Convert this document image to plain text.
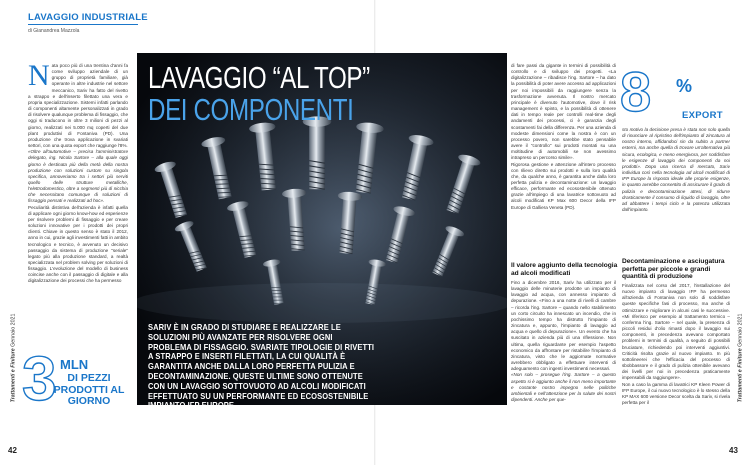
LAVAGGIO INDUSTRIALE
di Gianandrea Mazzola
N ata poco più di una trentina d'anni fa come sviluppo aziendale di un gruppo di proprietà familiare, già operante in altre industrie nel settore meccanico, Sariv ha fatto del rivetto a strappo e dell'inserto filettato una vera e propria specializzazione. Sistemi infatti parlando di componenti altamente personalizzati in grado di risolvere qualunque problema di fissaggio, che oggi si traducono in oltre 3 milioni di pezzi al giorno, realizzati nei 5.000 mq coperti del due plant produttivi di Fontaniva (PD). Una produzione che trova applicazione in svariati settori, con una quota export che raggiunge l'8%.

«Oltre all'automotive – precisa l'amministratore delegato, ing. Nicola Sartore – alla quale oggi giorno è destinata più della metà della nostra produzione con soluzioni custom su singola specifica, annoveriamo tra i settori più serviti quello delle strutture metalliche, l'elettrodomestico, oltre a segmenti più di nicchia che necessitano comunque di soluzioni di fissaggio pensati e realizzati ad hoc».

Peculiarità distintiva dell'azienda è infatti quella di applicare ogni giorno know-how ed esperienze per risolvere problemi di fissaggio e per creare soluzioni innovative per i prodotti dei propri clienti. Chiave in questo senso è stato il 2012, anno in cui, grazie agli investimenti fatti in ambito tecnologico e tecnico, è avvenuto un decisivo passaggio da sistema di produzione "seriale" legato più alla produzione standard, a realtà specializzata nel problem solving per soluzioni di fissaggio. L'evoluzione del modello di business coincise anche con il passaggio di digitale e alla digitalizzazione dei processi che ha permesso

3 MLN
DI PEZZI PRODOTTI AL GIORNO
LAVAGGIO “AL TOP”
DEI COMPONENTI
SARIV È IN GRADO DI STUDIARE E REALIZZARE LE SOLUZIONI PIÙ AVANZATE PER RISOLVERE OGNI PROBLEMA DI FISSAGGIO. SVARIATE TIPOLOGIE DI RIVETTI A STRAPPO E INSERTI FILETTATI, LA CUI QUALITÀ È GARANTITA ANCHE DALLA LORO PERFETTA PULIZIA E DECONTAMINAZIONE. QUESTE ULTIME SONO OTTENUTE CON UN LAVAGGIO SOTTOVUOTO AD ALCOLI MODIFICATI EFFETTUATO SU UN PERFORMANTE ED ECOSOSTENIBILE IMPIANTO IFP EUROPE

di fare passi da gigante in termini di possibilità di controllo e di sviluppo dei progetti. «La digitalizzazione – ribadisce l'ing. Sartore – ha dato la possibilità di poter avere accesso ad applicazioni per noi impossibili da raggiungere senza la trasformazione avvenuta. Il nostro mercato principale è divenuto l'automotive, dove il risk management è spinto, e la possibilità di ottenere dati in tempo reale per controlli real-time degli andamenti dei processi, ci è garanzia degli scostamenti fai della differenza. Per una azienda di modeste dimensioni come la nostra è con un processo povero, non sarebbe stato pensabile avere il "controllo" sui prodotti montati su una moltitudine di automobili se non avessimo intrapreso un percorso simile».

Rigorosa gestione e attenzione all'intero processo con rilievo diretto sui prodotti e sulla loro qualità che, da qualche anno, è garantita anche dalla loro perfetta pulizia e decontaminazione: un lavaggio efficace, performante ed ecosostenibile ottenuto grazie all'impiego di una lavatrice sottovuoto ad alcoli modificati KP Max 600 Decor della IFP Europe di Galliera Veneta (PD).

Il valore aggiunto della tecnologia ad alcoli modificati

Fino a dicembre 2016, Sariv ha utilizzato per il lavaggio delle minuterie prodotte un impianto di lavaggio ad acqua, con annesso impianto di depurazione. «Fino a una notte di rivelli di cambre – ricorda l'ing. Sartore – quando nello stabilimento un corto circuito ha innescato un incendio, che in pochissimo tempo ha distrutto l'impianto di zincatura e, appunto, l'impianto di lavaggio ad acqua e quello di depurazione». Un evento che ha suscitato in azienda più di una riflessione. Non ultima, quella riguardante per esempio l'aspetto economico da affrontare per ristabilire l'impianto di zincatura, visto che le aggiornate normative avrebbero obbligato a effettuare interventi di adeguamento con ingenti investimenti necessari.

«Non solo – prosegue l'ing. Sartore – a questo aspetto si è aggiunto anche il non meno importante e costante nostro impegno nelle politiche ambientali e nell'attenzione per la salute dei nostri dipendenti. Anche per que-

8 %
EXPORT

sto motivo la decisione presa è stata non solo quella di rinunciare al ripristino dell'impianto di zincatura al nostro interno, affidandoci sin da subito a partner esterni, ma anche quella di trovare un'alternativa più sicura, ecologica, e meno energivora, per soddisfare le esigenze di lavaggio dei componenti da noi prodotti». Dopo una ricerca di mercato, Sariv individua così nella tecnologia ad alcoli modificati di IFP Europe la risposta ideale alle proprie esigenze, in quanto avrebbe consentito di assicurare il grado di pulizia e decontaminazione attesi, di ridurre drasticamente il consumo di liquido di lavaggio, oltre ad abbattere i tempi ciclo e la potenza utilizzata dall'impianto.

Decontaminazione e asciugatura perfetta per piccole e grandi quantità di produzione

Finalizzata nel corso del 2017, l'installazione del nuovo impianto di lavaggio IFP ha permesso all'azienda di Fontaniva non solo di soddisfare queste specifiche fasi di processo, ma anche di ottimizzare e migliorare in alcuni casi le successive. «Mi riferisco per esempio al trattamento termico – conferma l'ing. Sartore – nel quale, la presenza di piccoli residui d'olio rimasti dopo il lavaggio sui componenti, in precedenza avevano comportato problemi in termini di qualità, a seguito di possibili bruciature, richiedendo poi interventi aggiuntivi. Criticità risolta grazie al nuovo impianto. In più sottolineerei che l'efficacia del processo di sbobbassore e il grado di pulizia ottenibile avevano dei livelli per noi in precedenza praticamente impensabili da raggiungere».

Non a caso la gamma di lavatrici KP Kleen Power di IFP Europe, il cui nuovo tecnologico è lo stesso della KP MAX 600 versione Decor scelta da Sariv, si rivela perfetta per il

Trattamenti e Finiture Gennaio 2021
Trattamenti e Finiture Gennaio 2021
42	43
